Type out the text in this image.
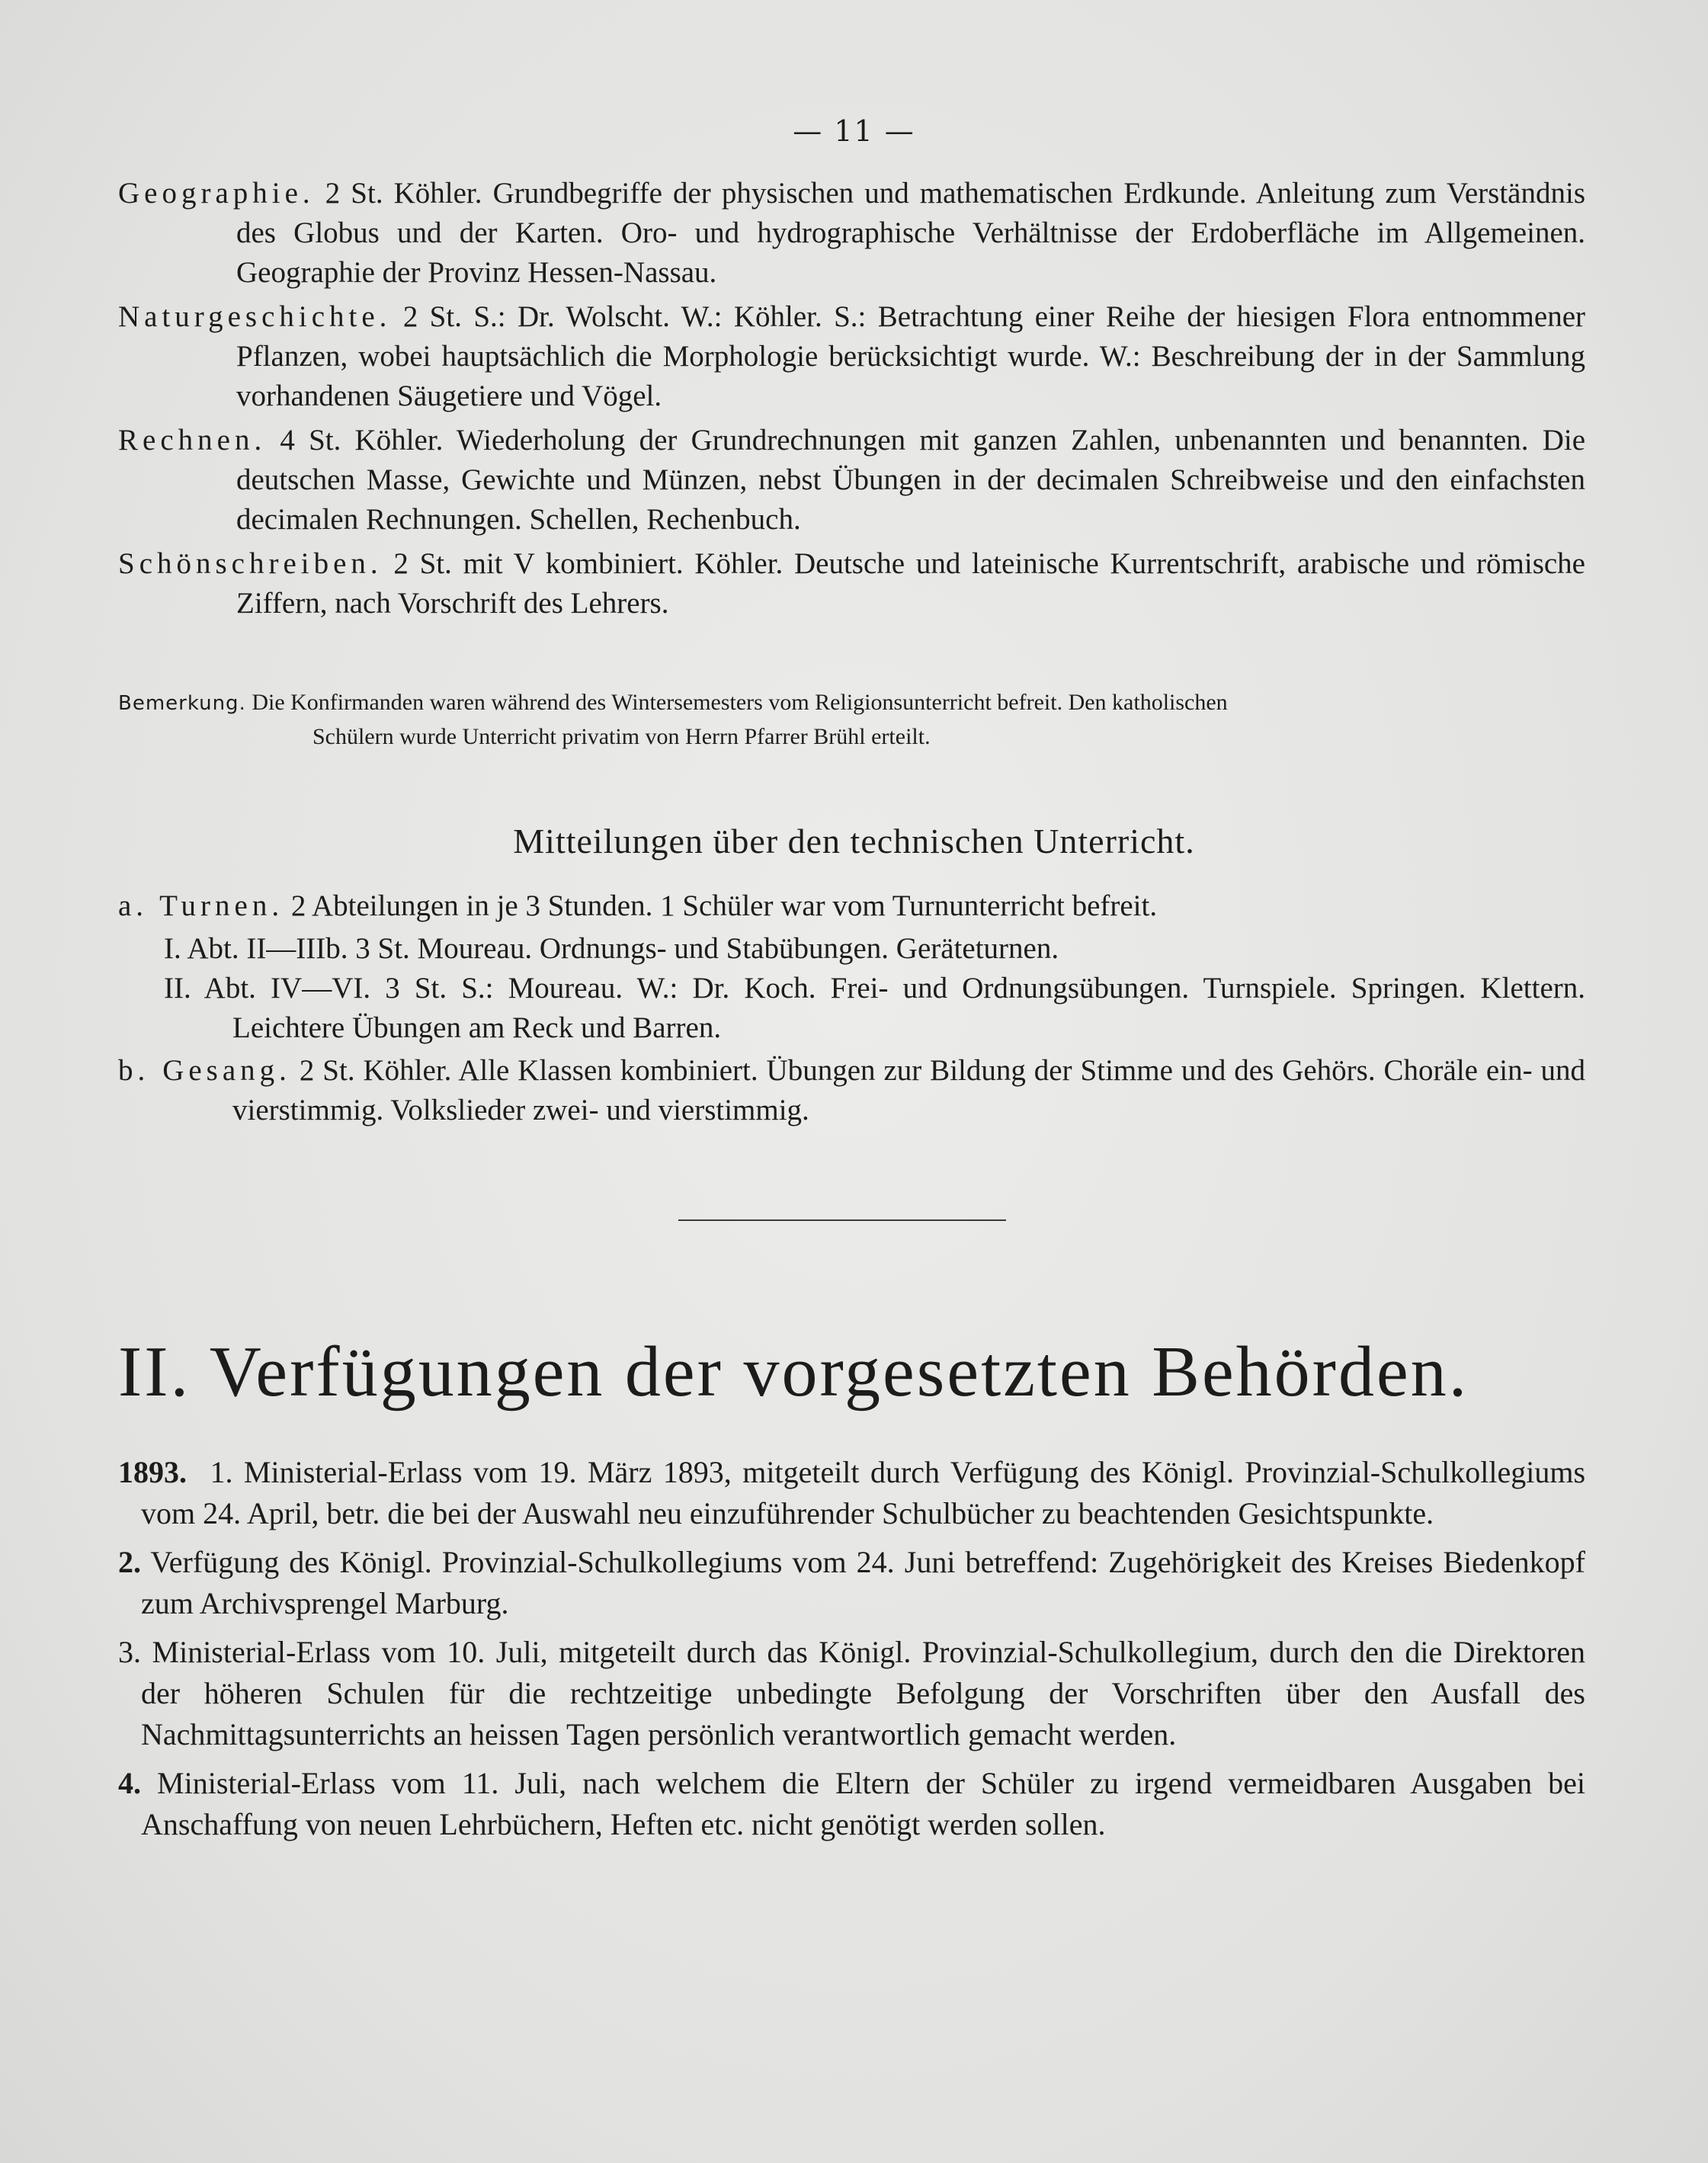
— 11 —

Geographie. 2 St. Köhler. Grundbegriffe der physischen und mathematischen Erdkunde. Anleitung zum Verständnis des Globus und der Karten. Oro- und hydrographische Verhältnisse der Erdoberfläche im Allgemeinen. Geographie der Provinz Hessen-Nassau.

Naturgeschichte. 2 St. S.: Dr. Wolscht. W.: Köhler. S.: Betrachtung einer Reihe der hiesigen Flora entnommener Pflanzen, wobei hauptsächlich die Morphologie berücksichtigt wurde. W.: Beschreibung der in der Sammlung vorhandenen Säugetiere und Vögel.

Rechnen. 4 St. Köhler. Wiederholung der Grundrechnungen mit ganzen Zahlen, unbenannten und benannten. Die deutschen Masse, Gewichte und Münzen, nebst Übungen in der decimalen Schreibweise und den einfachsten decimalen Rechnungen. Schellen, Rechenbuch.

Schönschreiben. 2 St. mit V kombiniert. Köhler. Deutsche und lateinische Kurrentschrift, arabische und römische Ziffern, nach Vorschrift des Lehrers.

Bemerkung. Die Konfirmanden waren während des Wintersemesters vom Religionsunterricht befreit. Den katholischen
Schülern wurde Unterricht privatim von Herrn Pfarrer Brühl erteilt.
Mitteilungen über den technischen Unterricht.

a. Turnen. 2 Abteilungen in je 3 Stunden. 1 Schüler war vom Turnunterricht befreit.

I. Abt. II—IIIb. 3 St. Moureau. Ordnungs- und Stabübungen. Geräteturnen.

II. Abt. IV—VI. 3 St. S.: Moureau. W.: Dr. Koch. Frei- und Ordnungsübungen. Turnspiele. Springen. Klettern. Leichtere Übungen am Reck und Barren.

b. Gesang. 2 St. Köhler. Alle Klassen kombiniert. Übungen zur Bildung der Stimme und des Gehörs. Choräle ein- und vierstimmig. Volkslieder zwei- und vierstimmig.

II. Verfügungen der vorgesetzten Behörden.

1893. 1. Ministerial-Erlass vom 19. März 1893, mitgeteilt durch Verfügung des Königl. Provinzial-Schulkollegiums vom 24. April, betr. die bei der Auswahl neu einzuführender Schulbücher zu beachtenden Gesichtspunkte.

2. Verfügung des Königl. Provinzial-Schulkollegiums vom 24. Juni betreffend: Zugehörigkeit des Kreises Biedenkopf zum Archivsprengel Marburg.

3. Ministerial-Erlass vom 10. Juli, mitgeteilt durch das Königl. Provinzial-Schulkollegium, durch den die Direktoren der höheren Schulen für die rechtzeitige unbedingte Befolgung der Vorschriften über den Ausfall des Nachmittagsunterrichts an heissen Tagen persönlich verantwortlich gemacht werden.

4. Ministerial-Erlass vom 11. Juli, nach welchem die Eltern der Schüler zu irgend vermeidbaren Ausgaben bei Anschaffung von neuen Lehrbüchern, Heften etc. nicht genötigt werden sollen.
